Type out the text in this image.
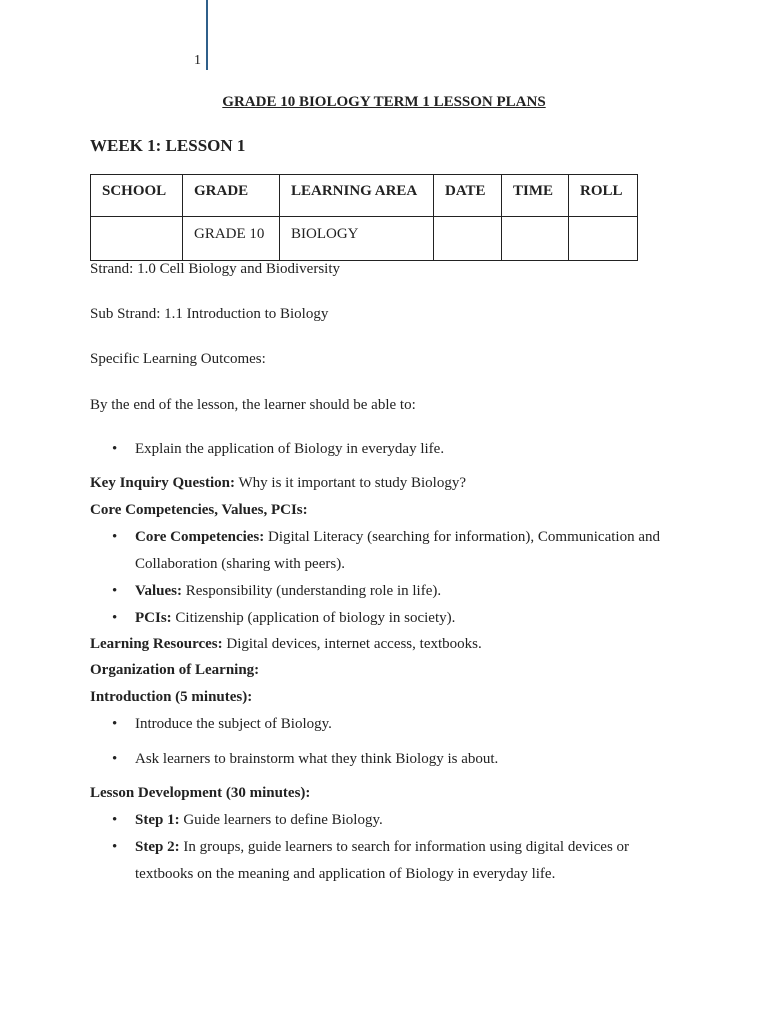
1
GRADE 10 BIOLOGY TERM 1 LESSON PLANS
WEEK 1: LESSON 1
SCHOOL	GRADE	LEARNING AREA	DATE	TIME	ROLL
	GRADE 10	BIOLOGY			
Strand: 1.0 Cell Biology and Biodiversity
Sub Strand: 1.1 Introduction to Biology
Specific Learning Outcomes:
By the end of the lesson, the learner should be able to:
• Explain the application of Biology in everyday life.
Key Inquiry Question: Why is it important to study Biology?
Core Competencies, Values, PCIs:
• Core Competencies: Digital Literacy (searching for information), Communication and Collaboration (sharing with peers).
•
Values: Responsibility (understanding role in life).
•
PCIs: Citizenship (application of biology in society).
Learning Resources: Digital devices, internet access, textbooks.
Organization of Learning:
Introduction (5 minutes):
• Introduce the subject of Biology.
• Ask learners to brainstorm what they think Biology is about.
Lesson Development (30 minutes):
• Step 1: Guide learners to define Biology.
• Step 2: In groups, guide learners to search for information using digital devices or textbooks on the meaning and application of Biology in everyday life.
